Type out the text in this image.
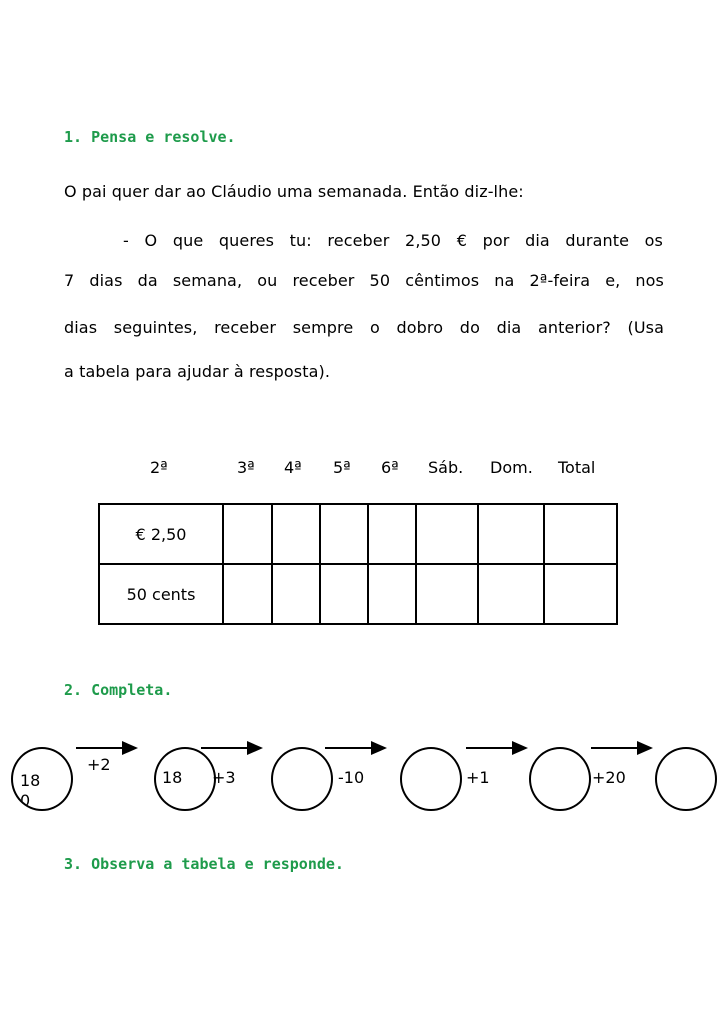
1. Pensa e resolve.
O pai quer dar ao Cláudio uma semanada. Então diz-lhe:
- O que queres tu: receber 2,50 € por dia durante os
7 dias da semana, ou receber 50 cêntimos na 2ª-feira e, nos
dias seguintes, receber sempre o dobro do dia anterior? (Usa
a tabela para ajudar à resposta).
2ª	3ª 4ª 5ª 6ª Sáb. Dom. Total
€ 2,50							
50 cents							
2. Completa.
18
0
18
+2
+3	-10	+1	+20
3. Observa a tabela e responde.
